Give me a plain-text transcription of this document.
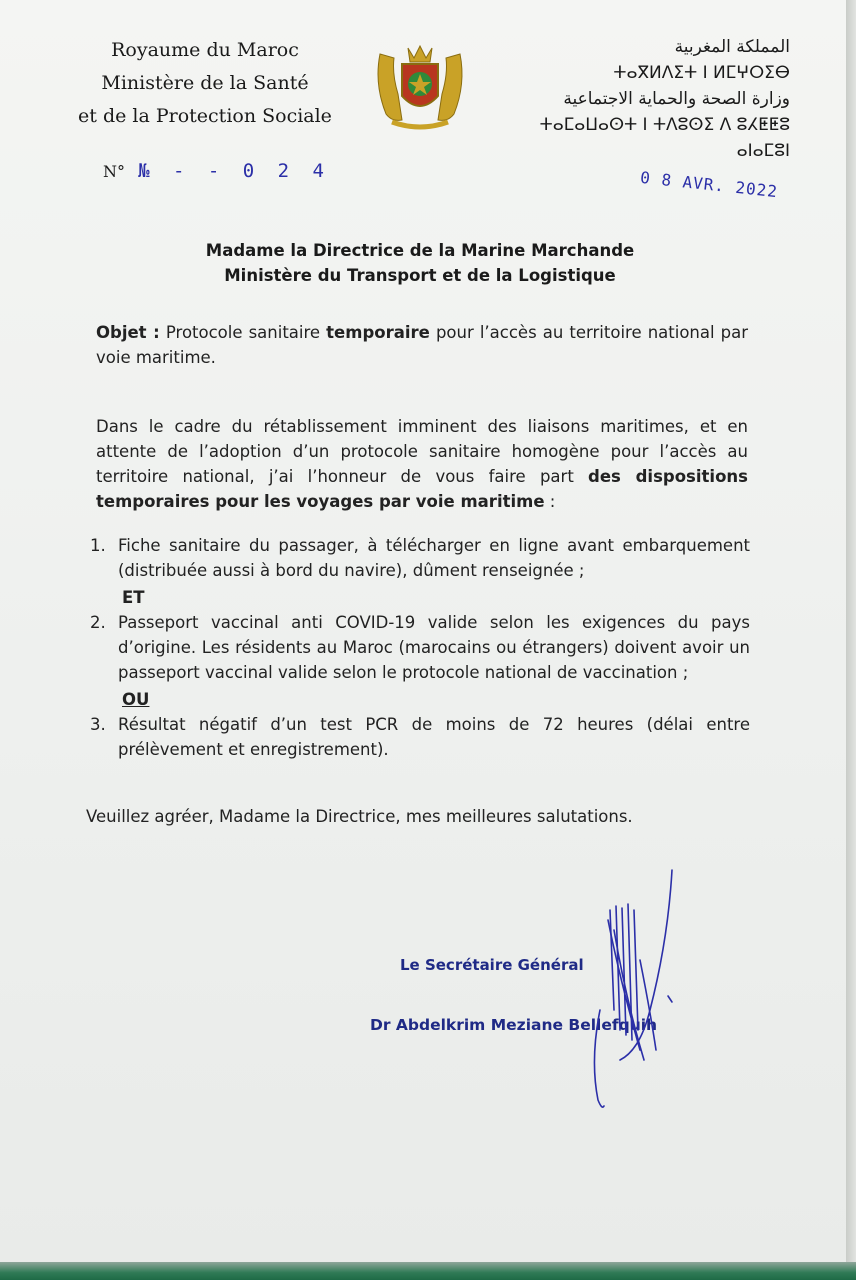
Royaume du Maroc
Ministère de la Santé
et de la Protection Sociale
المملكة المغربية
ⵜⴰⴳⵍⴷⵉⵜ ⵏ ⵍⵎⵖⵔⵉⴱ
وزارة الصحة والحماية الاجتماعية
ⵜⴰⵎⴰⵡⴰⵙⵜ ⵏ ⵜⴷⵓⵙⵉ ⴷ ⵓⵃⵟⵟⵓ ⴰⵏⴰⵎⵓⵏ
N° № - - 0 2 4	0 8 AVR. 2022
Madame la Directrice de la Marine Marchande
Ministère du Transport et de la Logistique
Objet : Protocole sanitaire temporaire pour l’accès au territoire national par voie maritime.
Dans le cadre du rétablissement imminent des liaisons maritimes, et en attente de l’adoption d’un protocole sanitaire homogène pour l’accès au territoire national, j’ai l’honneur de vous faire part des dispositions temporaires pour les voyages par voie maritime :
1. Fiche sanitaire du passager, à télécharger en ligne avant embarquement (distribuée aussi à bord du navire), dûment renseignée ;
ET
2. Passeport vaccinal anti COVID-19 valide selon les exigences du pays d’origine. Les résidents au Maroc (marocains ou étrangers) doivent avoir un passeport vaccinal valide selon le protocole national de vaccination ;
OU
3. Résultat négatif d’un test PCR de moins de 72 heures (délai entre prélèvement et enregistrement).
Veuillez agréer, Madame la Directrice, mes meilleures salutations.
Le Secrétaire Général
Dr Abdelkrim Meziane Bellefquih
